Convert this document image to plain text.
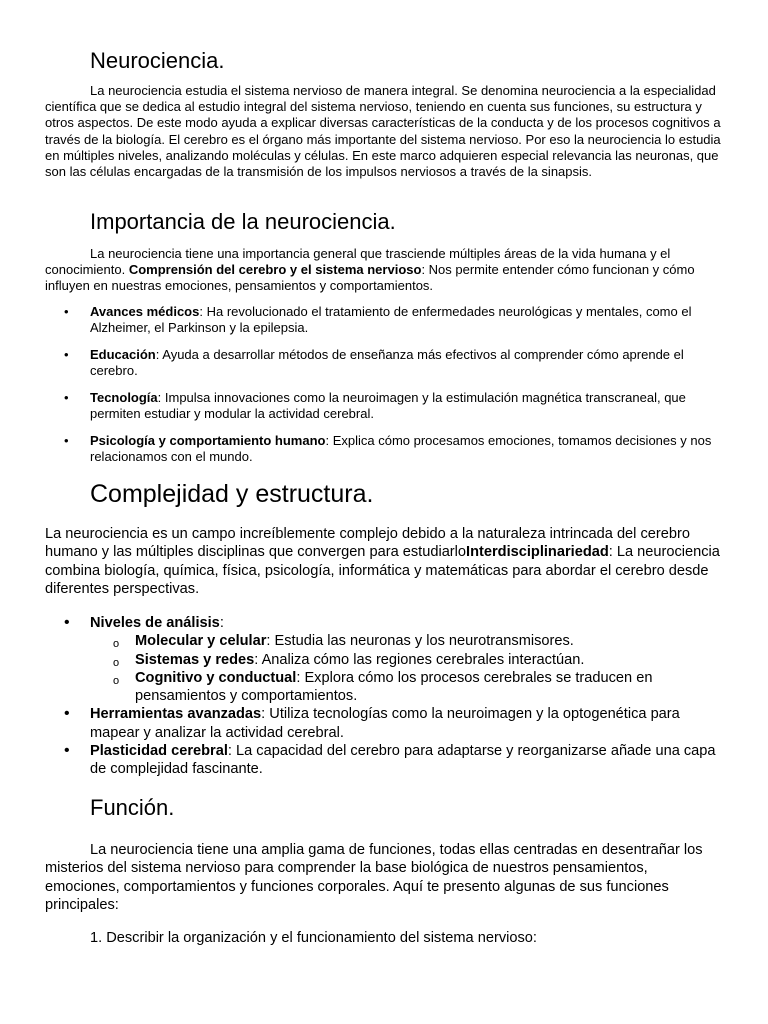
Neurociencia.

La neurociencia estudia el sistema nervioso de manera integral. Se denomina neurociencia a la especialidad científica que se dedica al estudio integral del sistema nervioso, teniendo en cuenta sus funciones, su estructura y otros aspectos. De este modo ayuda a explicar diversas características de la conducta y de los procesos cognitivos a través de la biología. El cerebro es el órgano más importante del sistema nervioso. Por eso la neurociencia lo estudia en múltiples niveles, analizando moléculas y células. En este marco adquieren especial relevancia las neuronas, que son las células encargadas de la transmisión de los impulsos nerviosos a través de la sinapsis.

Importancia de la neurociencia.

La neurociencia tiene una importancia general que trasciende múltiples áreas de la vida humana y el conocimiento. Comprensión del cerebro y el sistema nervioso: Nos permite entender cómo funcionan y cómo influyen en nuestras emociones, pensamientos y comportamientos.

• Avances médicos: Ha revolucionado el tratamiento de enfermedades neurológicas y mentales, como el Alzheimer, el Parkinson y la epilepsia.
• Educación: Ayuda a desarrollar métodos de enseñanza más efectivos al comprender cómo aprende el cerebro.
• Tecnología: Impulsa innovaciones como la neuroimagen y la estimulación magnética transcraneal, que permiten estudiar y modular la actividad cerebral.
• Psicología y comportamiento humano: Explica cómo procesamos emociones, tomamos decisiones y nos relacionamos con el mundo.
Complejidad y estructura.

La neurociencia es un campo increíblemente complejo debido a la naturaleza intrincada del cerebro humano y las múltiples disciplinas que convergen para estudiarloInterdisciplinariedad: La neurociencia combina biología, química, física, psicología, informática y matemáticas para abordar el cerebro desde diferentes perspectivas.

• Niveles de análisis:
o Molecular y celular: Estudia las neuronas y los neurotransmisores.
o Sistemas y redes: Analiza cómo las regiones cerebrales interactúan.
o Cognitivo y conductual: Explora cómo los procesos cerebrales se traducen en pensamientos y comportamientos.
• Herramientas avanzadas: Utiliza tecnologías como la neuroimagen y la optogenética para mapear y analizar la actividad cerebral.
• Plasticidad cerebral: La capacidad del cerebro para adaptarse y reorganizarse añade una capa de complejidad fascinante.
Función.

La neurociencia tiene una amplia gama de funciones, todas ellas centradas en desentrañar los misterios del sistema nervioso para comprender la base biológica de nuestros pensamientos, emociones, comportamientos y funciones corporales. Aquí te presento algunas de sus funciones principales:

1. Describir la organización y el funcionamiento del sistema nervioso:
